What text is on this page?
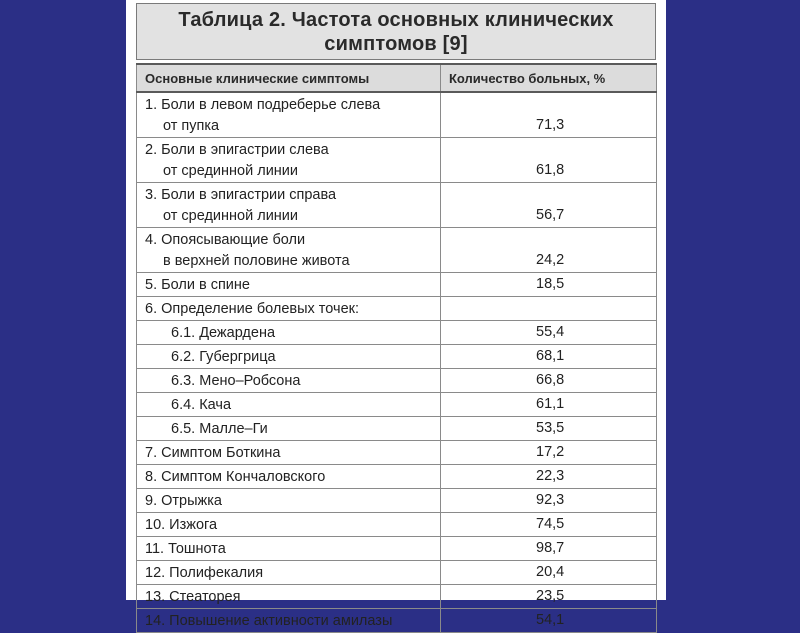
Таблица 2. Частота основных клинических
симптомов [9]
Основные клинические симптомы	Количество больных, %
1. Боли в левом подреберье слева
от пупка	71,3
2. Боли в эпигастрии слева
от срединной линии	61,8
3. Боли в эпигастрии справа
от срединной линии	56,7
4. Опоясывающие боли
в верхней половине живота	24,2
5. Боли в спине	18,5
6. Определение болевых точек:	
6.1. Дежардена	55,4
6.2. Губергрица	68,1
6.3. Мено–Робсона	66,8
6.4. Кача	61,1
6.5. Малле–Ги	53,5
7. Симптом Боткина	17,2
8. Симптом Кончаловского	22,3
9. Отрыжка	92,3
10. Изжога	74,5
11. Тошнота	98,7
12. Полифекалия	20,4
13. Стеаторея	23,5
14. Повышение активности амилазы	54,1
